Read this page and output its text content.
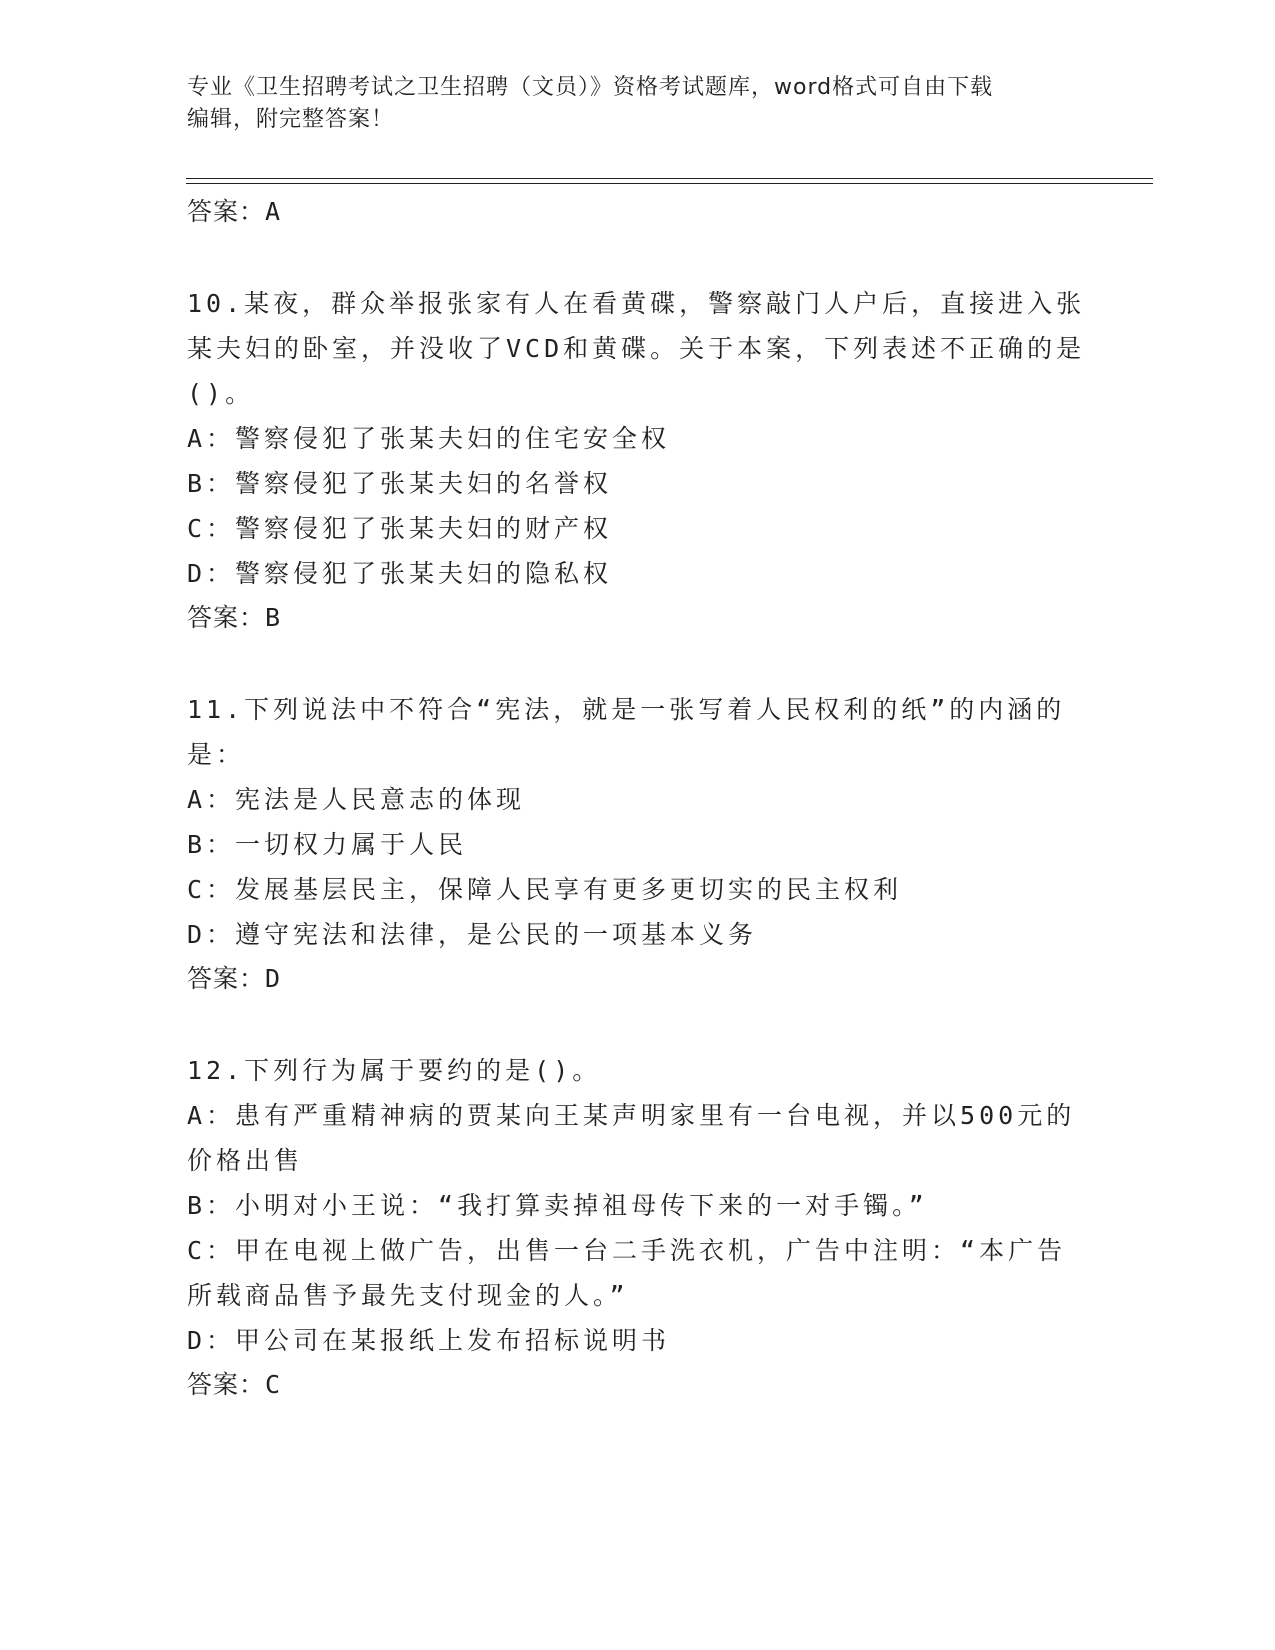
专业《卫生招聘考试之卫生招聘（文员）》资格考试题库，word格式可自由下载
编辑，附完整答案！
答案：A
10.某夜，群众举报张家有人在看黄碟，警察敲门人户后，直接进入张某夫妇的卧室，并没收了VCD和黄碟。关于本案，下列表述不正确的是()。
A：警察侵犯了张某夫妇的住宅安全权
B：警察侵犯了张某夫妇的名誉权
C：警察侵犯了张某夫妇的财产权
D：警察侵犯了张某夫妇的隐私权
答案：B
11.下列说法中不符合“宪法，就是一张写着人民权利的纸”的内涵的是：
A：宪法是人民意志的体现
B：一切权力属于人民
C：发展基层民主，保障人民享有更多更切实的民主权利
D：遵守宪法和法律，是公民的一项基本义务
答案：D
12.下列行为属于要约的是()。
A：患有严重精神病的贾某向王某声明家里有一台电视，并以500元的价格出售
B：小明对小王说：“我打算卖掉祖母传下来的一对手镯。”
C：甲在电视上做广告，出售一台二手洗衣机，广告中注明：“本广告所载商品售予最先支付现金的人。”
D：甲公司在某报纸上发布招标说明书
答案：C
